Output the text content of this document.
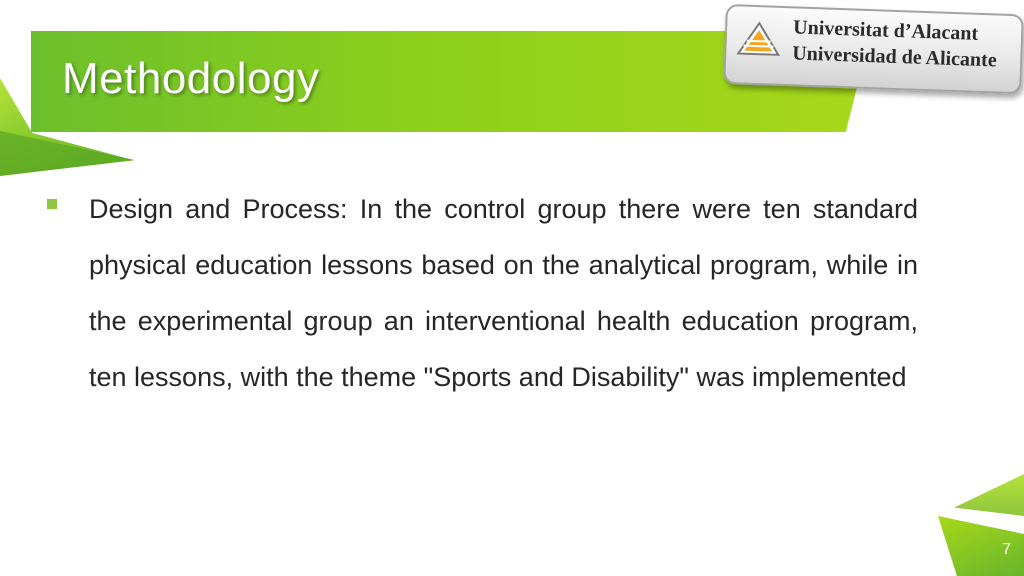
Methodology

Universitat d’Alacant

Universidad de Alicante

Design and Process: In the control group there were ten standard physical education lessons based on the analytical program, while in the experimental group an interventional health education program, ten lessons, with the theme "Sports and Disability" was implemented

7
